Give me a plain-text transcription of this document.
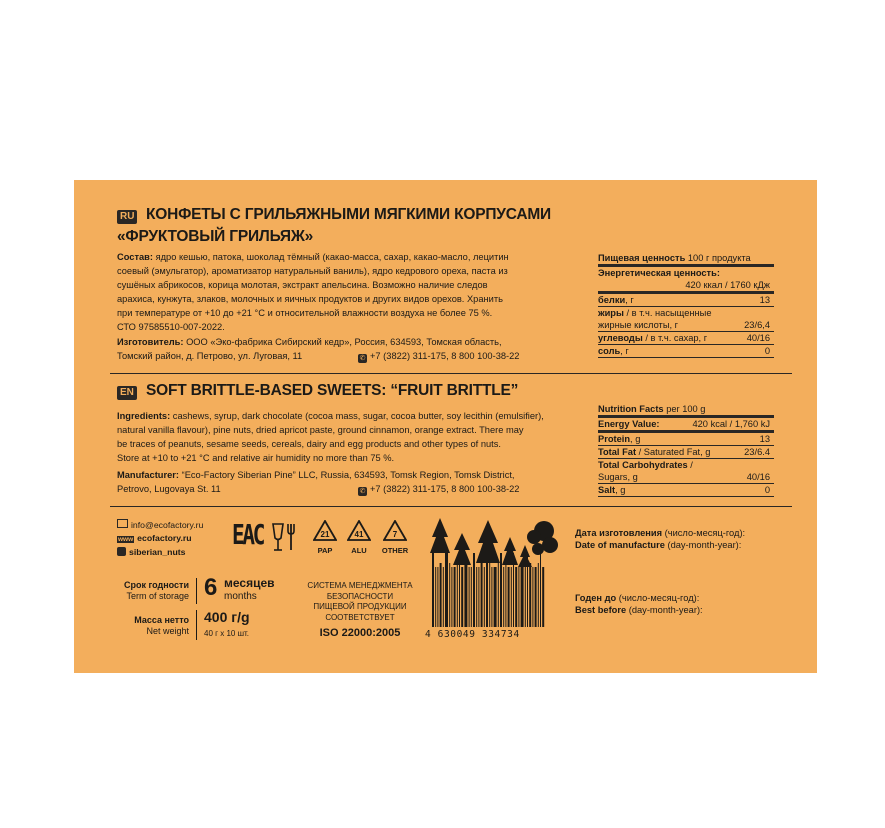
RU КОНФЕТЫ С ГРИЛЬЯЖНЫМИ МЯГКИМИ КОРПУСАМИ
«ФРУКТОВЫЙ ГРИЛЬЯЖ»
Состав: ядро кешью, патока, шоколад тёмный (какао-масса, сахар, какао-масло, лецитин
соевый (эмульгатор), ароматизатор натуральный ваниль), ядро кедрового ореха, паста из
сушёных абрикосов, корица молотая, экстракт апельсина. Возможно наличие следов
арахиса, кунжута, злаков, молочных и яичных продуктов и других видов орехов. Хранить
при температуре от +10 до +21 °С и относительной влажности воздуха не более 75 %.
СТО 97585510-007-2022.
Изготовитель: ООО «Эко-фабрика Сибирский кедр», Россия, 634593, Томская область,
Томский район, д. Петрово, ул. Луговая, 11	✆ +7 (3822) 311-175, 8 800 100-38-22
Пищевая ценность 100 г продукта
Энергетическая ценность:
420 ккал / 1760 кДж
белки, г	13
жиры / в т.ч. насыщенные
жирные кислоты, г	23/6,4
углеводы / в т.ч. сахар, г	40/16
соль, г	0
EN SOFT BRITTLE-BASED SWEETS: “FRUIT BRITTLE”
Ingredients: cashews, syrup, dark chocolate (cocoa mass, sugar, cocoa butter, soy lecithin (emulsifier),
natural vanilla flavour), pine nuts, dried apricot paste, ground cinnamon, orange extract. There may
be traces of peanuts, sesame seeds, cereals, dairy and egg products and other types of nuts.
Store at +10 to +21 °C and relative air humidity no more than 75 %.
Manufacturer: “Eco-Factory Siberian Pine” LLC, Russia, 634593, Tomsk Region, Tomsk District,
Petrovo, Lugovaya St. 11	✆ +7 (3822) 311-175, 8 800 100-38-22
Nutrition Facts per 100 g
Energy Value:	420 kcal / 1,760 kJ
Protein, g	13
Total Fat / Saturated Fat, g	23/6.4
Total Carbohydrates /
Sugars, g	40/16
Salt, g	0
info@ecofactory.ru
www ecofactory.ru
siberian_nuts
EAC	21
PAP
41
ALU
7
OTHER
Срок годности
Term of storage 6 месяцев
months
Масса нетто
Net weight
400 г/g
40 г х 10 шт.
СИСТЕМА МЕНЕДЖМЕНТА
БЕЗОПАСНОСТИ
ПИЩЕВОЙ ПРОДУКЦИИ
СООТВЕТСТВУЕТ
ISO 22000:2005	4 630049 334734
Дата изготовления (число-месяц-год):
Date of manufacture (day-month-year):
Годен до (число-месяц-год):
Best before (day-month-year):
